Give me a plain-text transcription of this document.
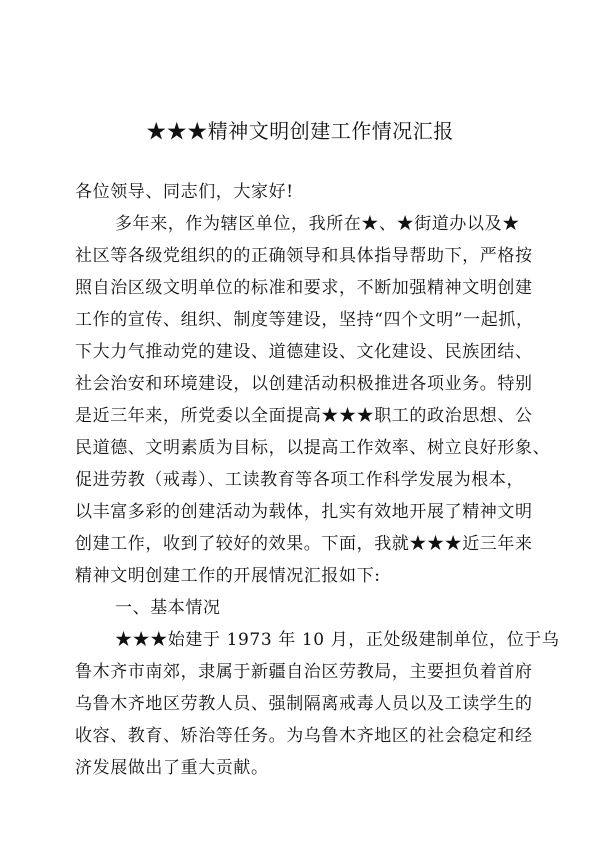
★★★精神文明创建工作情况汇报
各位领导、同志们，大家好!
多年来，作为辖区单位，我所在★、★街道办以及★
社区等各级党组织的的正确领导和具体指导帮助下，严格按
照自治区级文明单位的标准和要求，不断加强精神文明创建
工作的宣传、组织、制度等建设，坚持“四个文明”一起抓，
下大力气推动党的建设、道德建设、文化建设、民族团结、
社会治安和环境建设，以创建活动积极推进各项业务。特别
是近三年来，所党委以全面提高★★★职工的政治思想、公
民道德、文明素质为目标，以提高工作效率、树立良好形象、
促进劳教（戒毒）、工读教育等各项工作科学发展为根本，
以丰富多彩的创建活动为载体，扎实有效地开展了精神文明
创建工作，收到了较好的效果。下面，我就★★★近三年来
精神文明创建工作的开展情况汇报如下:
一、基本情况
★★★始建于 1973 年 10 月，正处级建制单位，位于乌
鲁木齐市南郊，隶属于新疆自治区劳教局，主要担负着首府
乌鲁木齐地区劳教人员、强制隔离戒毒人员以及工读学生的
收容、教育、矫治等任务。为乌鲁木齐地区的社会稳定和经
济发展做出了重大贡献。
